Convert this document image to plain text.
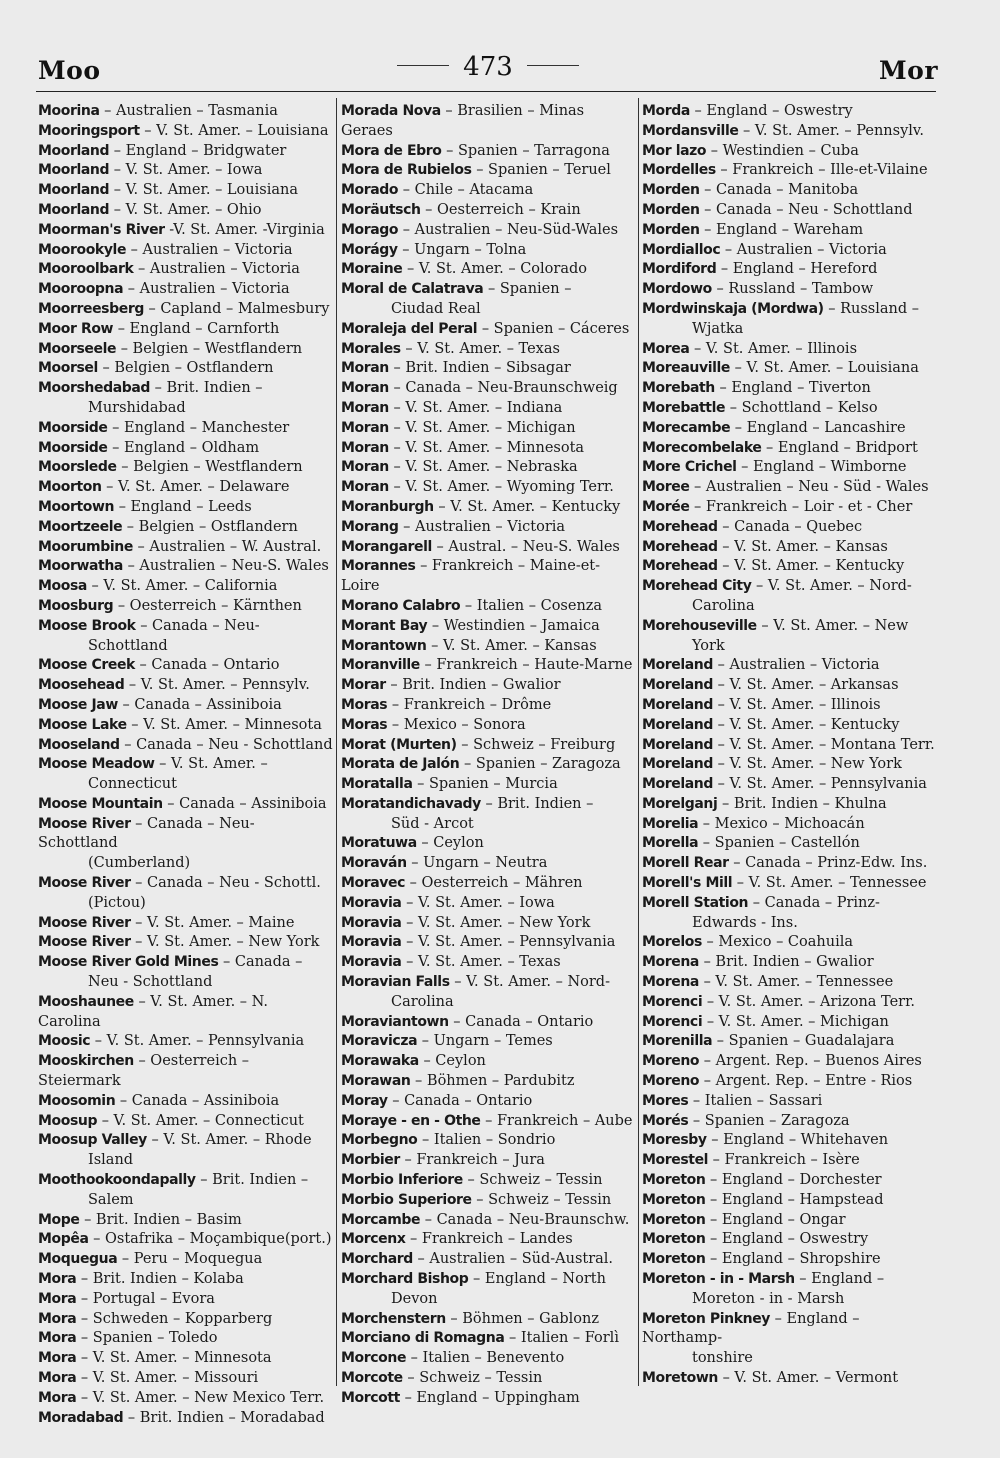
Moo	473	Mor
Moorina – Australien – Tasmania
Mooringsport – V. St. Amer. – Louisiana
Moorland – England – Bridgwater
Moorland – V. St. Amer. – Iowa
Moorland – V. St. Amer. – Louisiana
Moorland – V. St. Amer. – Ohio
Moorman's River -V. St. Amer. -Virginia
Moorookyle – Australien – Victoria
Mooroolbark – Australien – Victoria
Mooroopna – Australien – Victoria
Moorreesberg – Capland – Malmesbury
Moor Row – England – Carnforth
Moorseele – Belgien – Westflandern
Moorsel – Belgien – Ostflandern
Moorshedabad – Brit. Indien –
Murshidabad
Moorside – England – Manchester
Moorside – England – Oldham
Moorslede – Belgien – Westflandern
Moorton – V. St. Amer. – Delaware
Moortown – England – Leeds
Moortzeele – Belgien – Ostflandern
Moorumbine – Australien – W. Austral.
Moorwatha – Australien – Neu-S. Wales
Moosa – V. St. Amer. – California
Moosburg – Oesterreich – Kärnthen
Moose Brook – Canada – Neu-
Schottland
Moose Creek – Canada – Ontario
Moosehead – V. St. Amer. – Pennsylv.
Moose Jaw – Canada – Assiniboia
Moose Lake – V. St. Amer. – Minnesota
Mooseland – Canada – Neu - Schottland
Moose Meadow – V. St. Amer. –
Connecticut
Moose Mountain – Canada – Assiniboia
Moose River – Canada – Neu-Schottland
(Cumberland)
Moose River – Canada – Neu - Schottl.
(Pictou)
Moose River – V. St. Amer. – Maine
Moose River – V. St. Amer. – New York
Moose River Gold Mines – Canada –
Neu - Schottland
Mooshaunee – V. St. Amer. – N. Carolina
Moosic – V. St. Amer. – Pennsylvania
Mooskirchen – Oesterreich – Steiermark
Moosomin – Canada – Assiniboia
Moosup – V. St. Amer. – Connecticut
Moosup Valley – V. St. Amer. – Rhode
Island
Moothookoondapally – Brit. Indien –
Salem
Mope – Brit. Indien – Basim
Mopêa – Ostafrika – Moçambique(port.)
Moquegua – Peru – Moquegua
Mora – Brit. Indien – Kolaba
Mora – Portugal – Evora
Mora – Schweden – Kopparberg
Mora – Spanien – Toledo
Mora – V. St. Amer. – Minnesota
Mora – V. St. Amer. – Missouri
Mora – V. St. Amer. – New Mexico Terr.
Moradabad – Brit. Indien – Moradabad
Morada Nova – Brasilien – Minas Geraes
Mora de Ebro – Spanien – Tarragona
Mora de Rubielos – Spanien – Teruel
Morado – Chile – Atacama
Moräutsch – Oesterreich – Krain
Morago – Australien – Neu-Süd-Wales
Morágy – Ungarn – Tolna
Moraine – V. St. Amer. – Colorado
Moral de Calatrava – Spanien –
Ciudad Real
Moraleja del Peral – Spanien – Cáceres
Morales – V. St. Amer. – Texas
Moran – Brit. Indien – Sibsagar
Moran – Canada – Neu-Braunschweig
Moran – V. St. Amer. – Indiana
Moran – V. St. Amer. – Michigan
Moran – V. St. Amer. – Minnesota
Moran – V. St. Amer. – Nebraska
Moran – V. St. Amer. – Wyoming Terr.
Moranburgh – V. St. Amer. – Kentucky
Morang – Australien – Victoria
Morangarell – Austral. – Neu-S. Wales
Morannes – Frankreich – Maine-et-Loire
Morano Calabro – Italien – Cosenza
Morant Bay – Westindien – Jamaica
Morantown – V. St. Amer. – Kansas
Moranville – Frankreich – Haute-Marne
Morar – Brit. Indien – Gwalior
Moras – Frankreich – Drôme
Moras – Mexico – Sonora
Morat (Murten) – Schweiz – Freiburg
Morata de Jalón – Spanien – Zaragoza
Moratalla – Spanien – Murcia
Moratandichavady – Brit. Indien –
Süd - Arcot
Moratuwa – Ceylon
Moraván – Ungarn – Neutra
Moravec – Oesterreich – Mähren
Moravia – V. St. Amer. – Iowa
Moravia – V. St. Amer. – New York
Moravia – V. St. Amer. – Pennsylvania
Moravia – V. St. Amer. – Texas
Moravian Falls – V. St. Amer. – Nord-
Carolina
Moraviantown – Canada – Ontario
Moravicza – Ungarn – Temes
Morawaka – Ceylon
Morawan – Böhmen – Pardubitz
Moray – Canada – Ontario
Moraye - en - Othe – Frankreich – Aube
Morbegno – Italien – Sondrio
Morbier – Frankreich – Jura
Morbio Inferiore – Schweiz – Tessin
Morbio Superiore – Schweiz – Tessin
Morcambe – Canada – Neu-Braunschw.
Morcenx – Frankreich – Landes
Morchard – Australien – Süd-Austral.
Morchard Bishop – England – North
Devon
Morchenstern – Böhmen – Gablonz
Morciano di Romagna – Italien – Forlì
Morcone – Italien – Benevento
Morcote – Schweiz – Tessin
Morcott – England – Uppingham
Morda – England – Oswestry
Mordansville – V. St. Amer. – Pennsylv.
Mor lazo – Westindien – Cuba
Mordelles – Frankreich – Ille-et-Vilaine
Morden – Canada – Manitoba
Morden – Canada – Neu - Schottland
Morden – England – Wareham
Mordialloc – Australien – Victoria
Mordiford – England – Hereford
Mordowo – Russland – Tambow
Mordwinskaja (Mordwa) – Russland –
Wjatka
Morea – V. St. Amer. – Illinois
Moreauville – V. St. Amer. – Louisiana
Morebath – England – Tiverton
Morebattle – Schottland – Kelso
Morecambe – England – Lancashire
Morecombelake – England – Bridport
More Crichel – England – Wimborne
Moree – Australien – Neu - Süd - Wales
Morée – Frankreich – Loir - et - Cher
Morehead – Canada – Quebec
Morehead – V. St. Amer. – Kansas
Morehead – V. St. Amer. – Kentucky
Morehead City – V. St. Amer. – Nord-
Carolina
Morehouseville – V. St. Amer. – New
York
Moreland – Australien – Victoria
Moreland – V. St. Amer. – Arkansas
Moreland – V. St. Amer. – Illinois
Moreland – V. St. Amer. – Kentucky
Moreland – V. St. Amer. – Montana Terr.
Moreland – V. St. Amer. – New York
Moreland – V. St. Amer. – Pennsylvania
Morelganj – Brit. Indien – Khulna
Morelia – Mexico – Michoacán
Morella – Spanien – Castellón
Morell Rear – Canada – Prinz-Edw. Ins.
Morell's Mill – V. St. Amer. – Tennessee
Morell Station – Canada – Prinz-
Edwards - Ins.
Morelos – Mexico – Coahuila
Morena – Brit. Indien – Gwalior
Morena – V. St. Amer. – Tennessee
Morenci – V. St. Amer. – Arizona Terr.
Morenci – V. St. Amer. – Michigan
Morenilla – Spanien – Guadalajara
Moreno – Argent. Rep. – Buenos Aires
Moreno – Argent. Rep. – Entre - Rios
Mores – Italien – Sassari
Morés – Spanien – Zaragoza
Moresby – England – Whitehaven
Morestel – Frankreich – Isère
Moreton – England – Dorchester
Moreton – England – Hampstead
Moreton – England – Ongar
Moreton – England – Oswestry
Moreton – England – Shropshire
Moreton - in - Marsh – England –
Moreton - in - Marsh
Moreton Pinkney – England – Northamp-
tonshire
Moretown – V. St. Amer. – Vermont
